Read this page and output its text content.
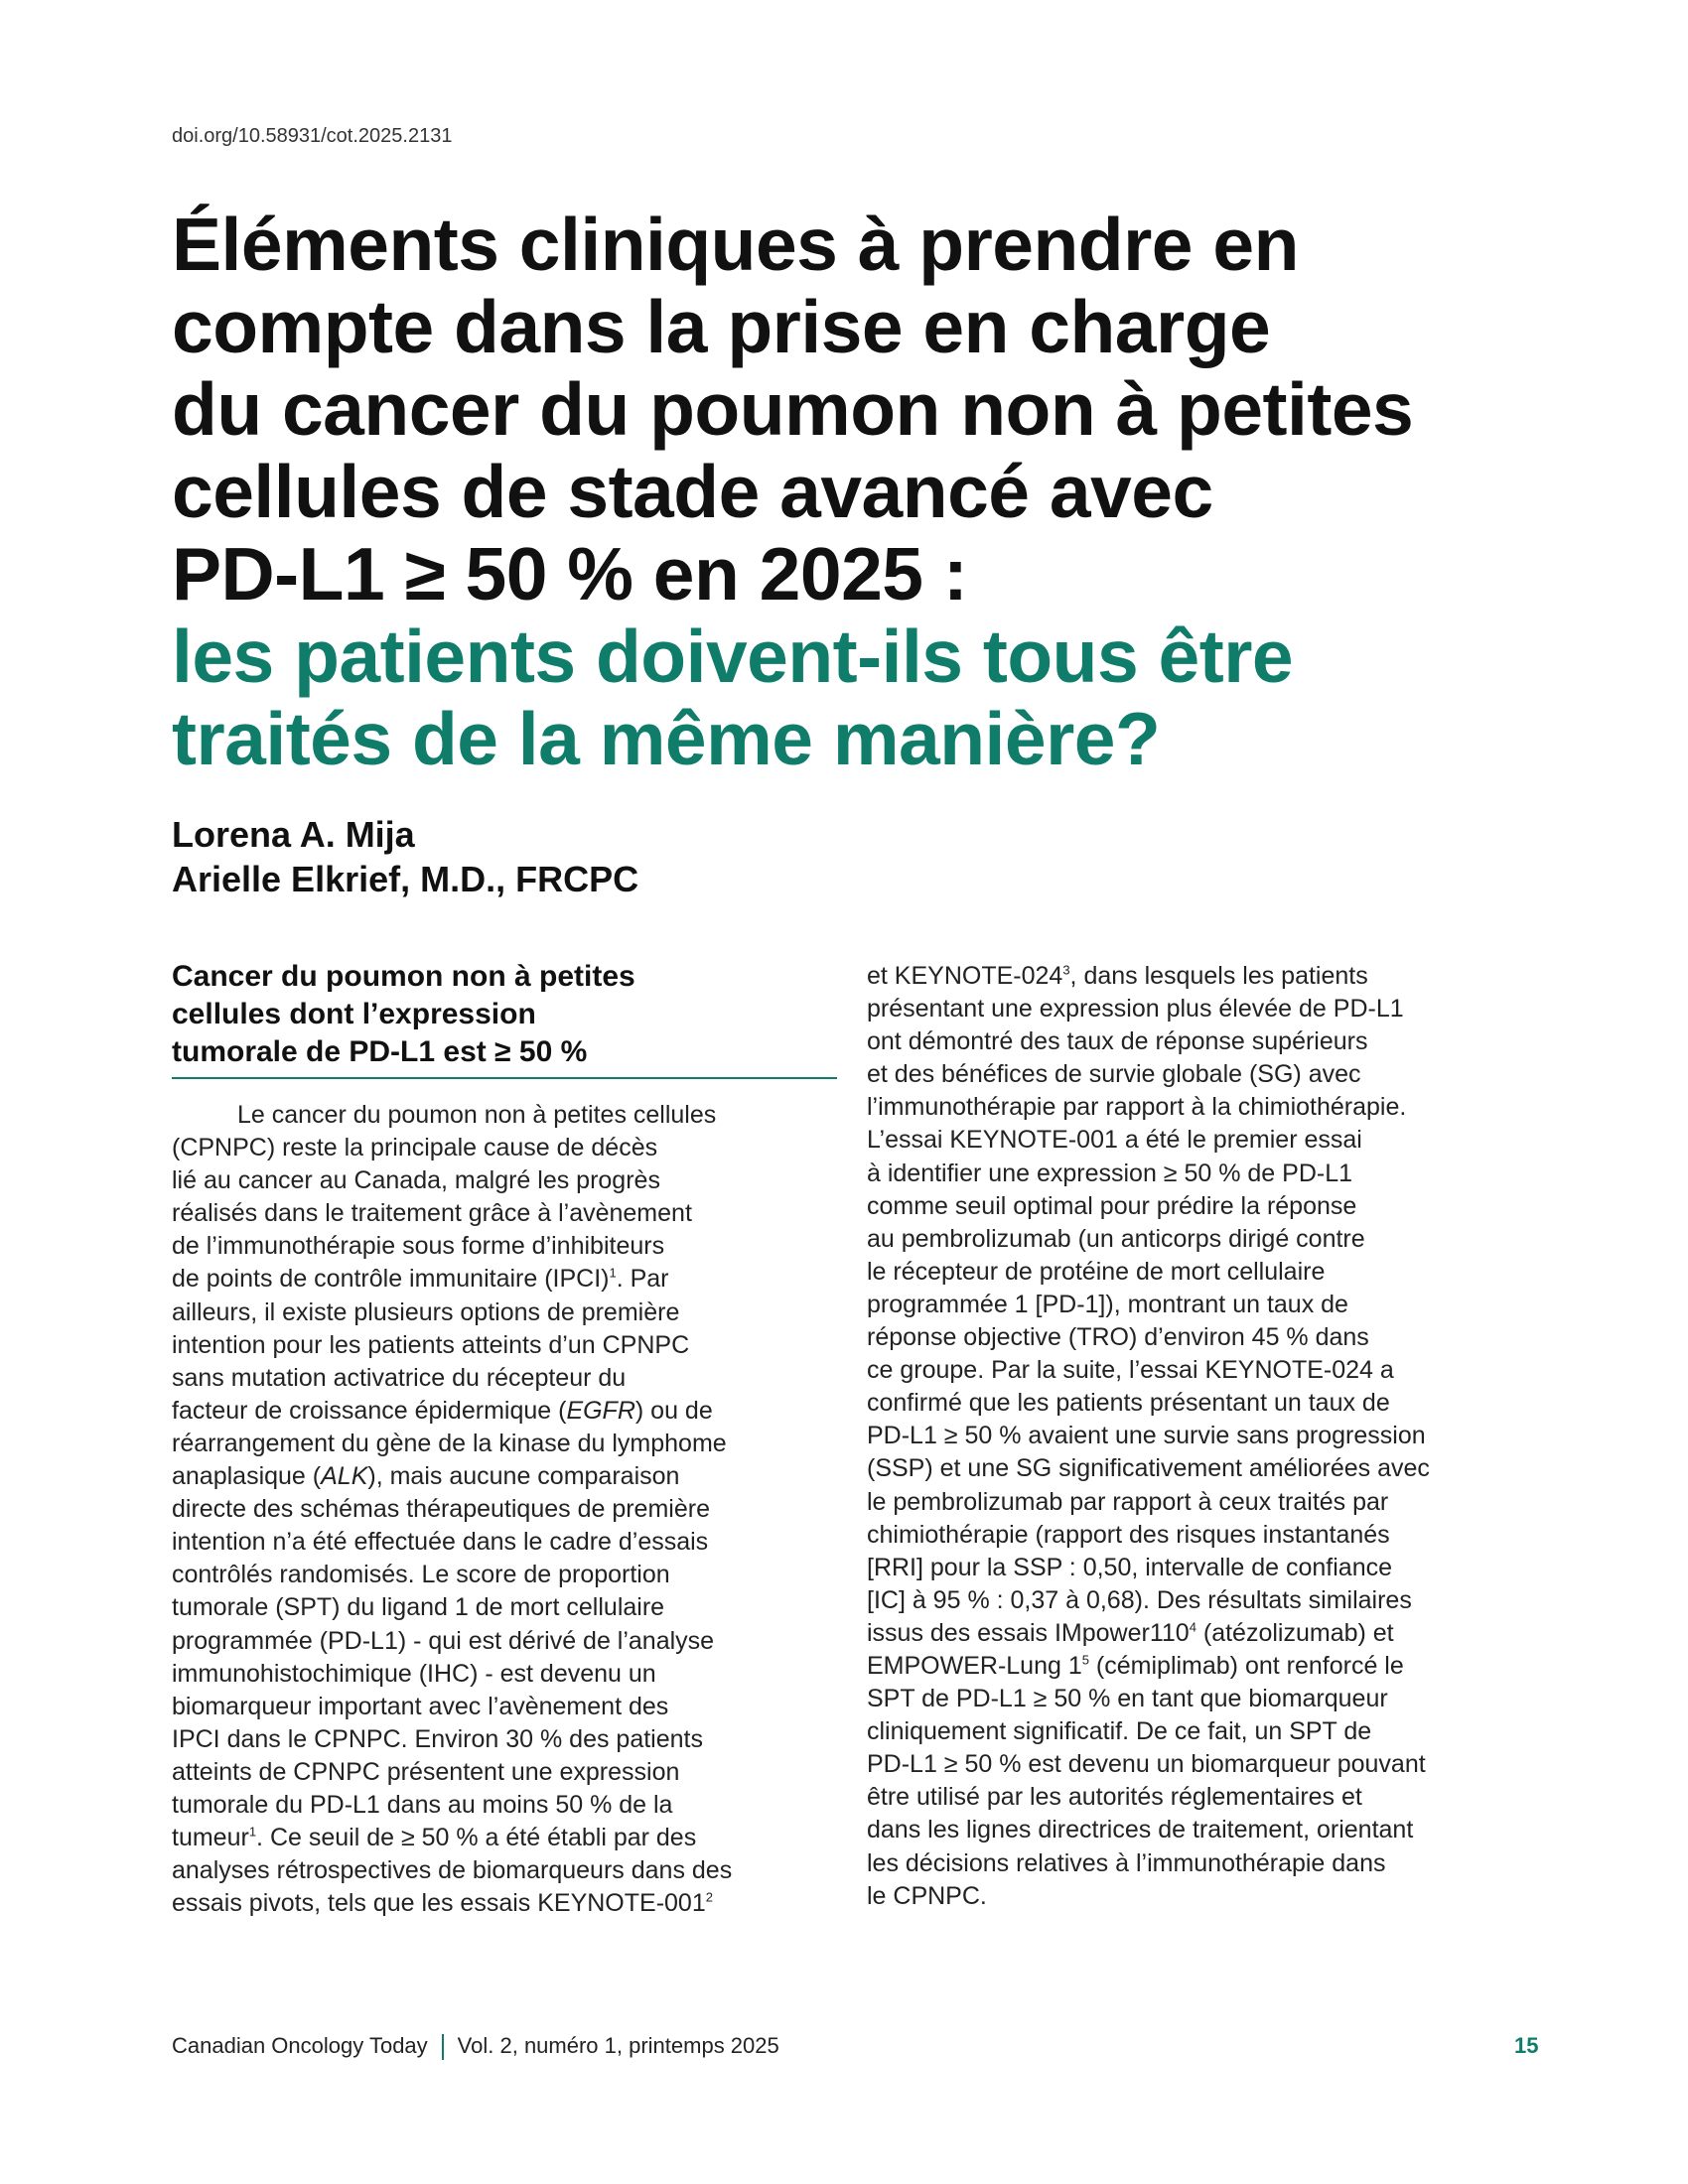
doi.org/10.58931/cot.2025.2131
Éléments cliniques à prendre en
compte dans la prise en charge
du cancer du poumon non à petites
cellules de stade avancé avec
PD-L1 ≥ 50 % en 2025 :
les patients doivent-ils tous être
traités de la même manière?
Lorena A. Mija
Arielle Elkrief, M.D., FRCPC
Cancer du poumon non à petites
cellules dont l’expression
tumorale de PD-L1 est ≥ 50 %
Le cancer du poumon non à petites cellules
(CPNPC) reste la principale cause de décès
lié au cancer au Canada, malgré les progrès
réalisés dans le traitement grâce à l’avènement
de l’immunothérapie sous forme d’inhibiteurs
de points de contrôle immunitaire (IPCI)$^1$. Par
ailleurs, il existe plusieurs options de première
intention pour les patients atteints d’un CPNPC
sans mutation activatrice du récepteur du
facteur de croissance épidermique (EGFR) ou de
réarrangement du gène de la kinase du lymphome
anaplasique (ALK), mais aucune comparaison
directe des schémas thérapeutiques de première
intention n’a été effectuée dans le cadre d’essais
contrôlés randomisés. Le score de proportion
tumorale (SPT) du ligand 1 de mort cellulaire
programmée (PD-L1) - qui est dérivé de l’analyse
immunohistochimique (IHC) - est devenu un
biomarqueur important avec l’avènement des
IPCI dans le CPNPC. Environ 30 % des patients
atteints de CPNPC présentent une expression
tumorale du PD-L1 dans au moins 50 % de la
tumeur$^1$. Ce seuil de ≥ 50 % a été établi par des
analyses rétrospectives de biomarqueurs dans des
essais pivots, tels que les essais KEYNOTE-$001^2$
et KEYNOTE-$024^3$, dans lesquels les patients
présentant une expression plus élevée de PD-L1
ont démontré des taux de réponse supérieurs
et des bénéfices de survie globale (SG) avec
l’immunothérapie par rapport à la chimiothérapie.
L’essai KEYNOTE-001 a été le premier essai
à identifier une expression ≥ 50 % de PD-L1
comme seuil optimal pour prédire la réponse
au pembrolizumab (un anticorps dirigé contre
le récepteur de protéine de mort cellulaire
programmée 1 [PD-1]), montrant un taux de
réponse objective (TRO) d’environ 45 % dans
ce groupe. Par la suite, l’essai KEYNOTE-024 a
confirmé que les patients présentant un taux de
PD-L1 ≥ 50 % avaient une survie sans progression
(SSP) et une SG significativement améliorées avec
le pembrolizumab par rapport à ceux traités par
chimiothérapie (rapport des risques instantanés
[RRI] pour la SSP : 0,50, intervalle de confiance
[IC] à 95 % : 0,37 à 0,68). Des résultats similaires
issus des essais $IMpower110^4$ (atézolizumab) et
EMPOWER-Lung $1^5$ (cémiplimab) ont renforcé le
SPT de PD-L1 ≥ 50 % en tant que biomarqueur
cliniquement significatif. De ce fait, un SPT de
PD-L1 ≥ 50 % est devenu un biomarqueur pouvant
être utilisé par les autorités réglementaires et
dans les lignes directrices de traitement, orientant
les décisions relatives à l’immunothérapie dans
le CPNPC.
Canadian Oncology Today Vol. 2, numéro 1, printemps 2025	15
